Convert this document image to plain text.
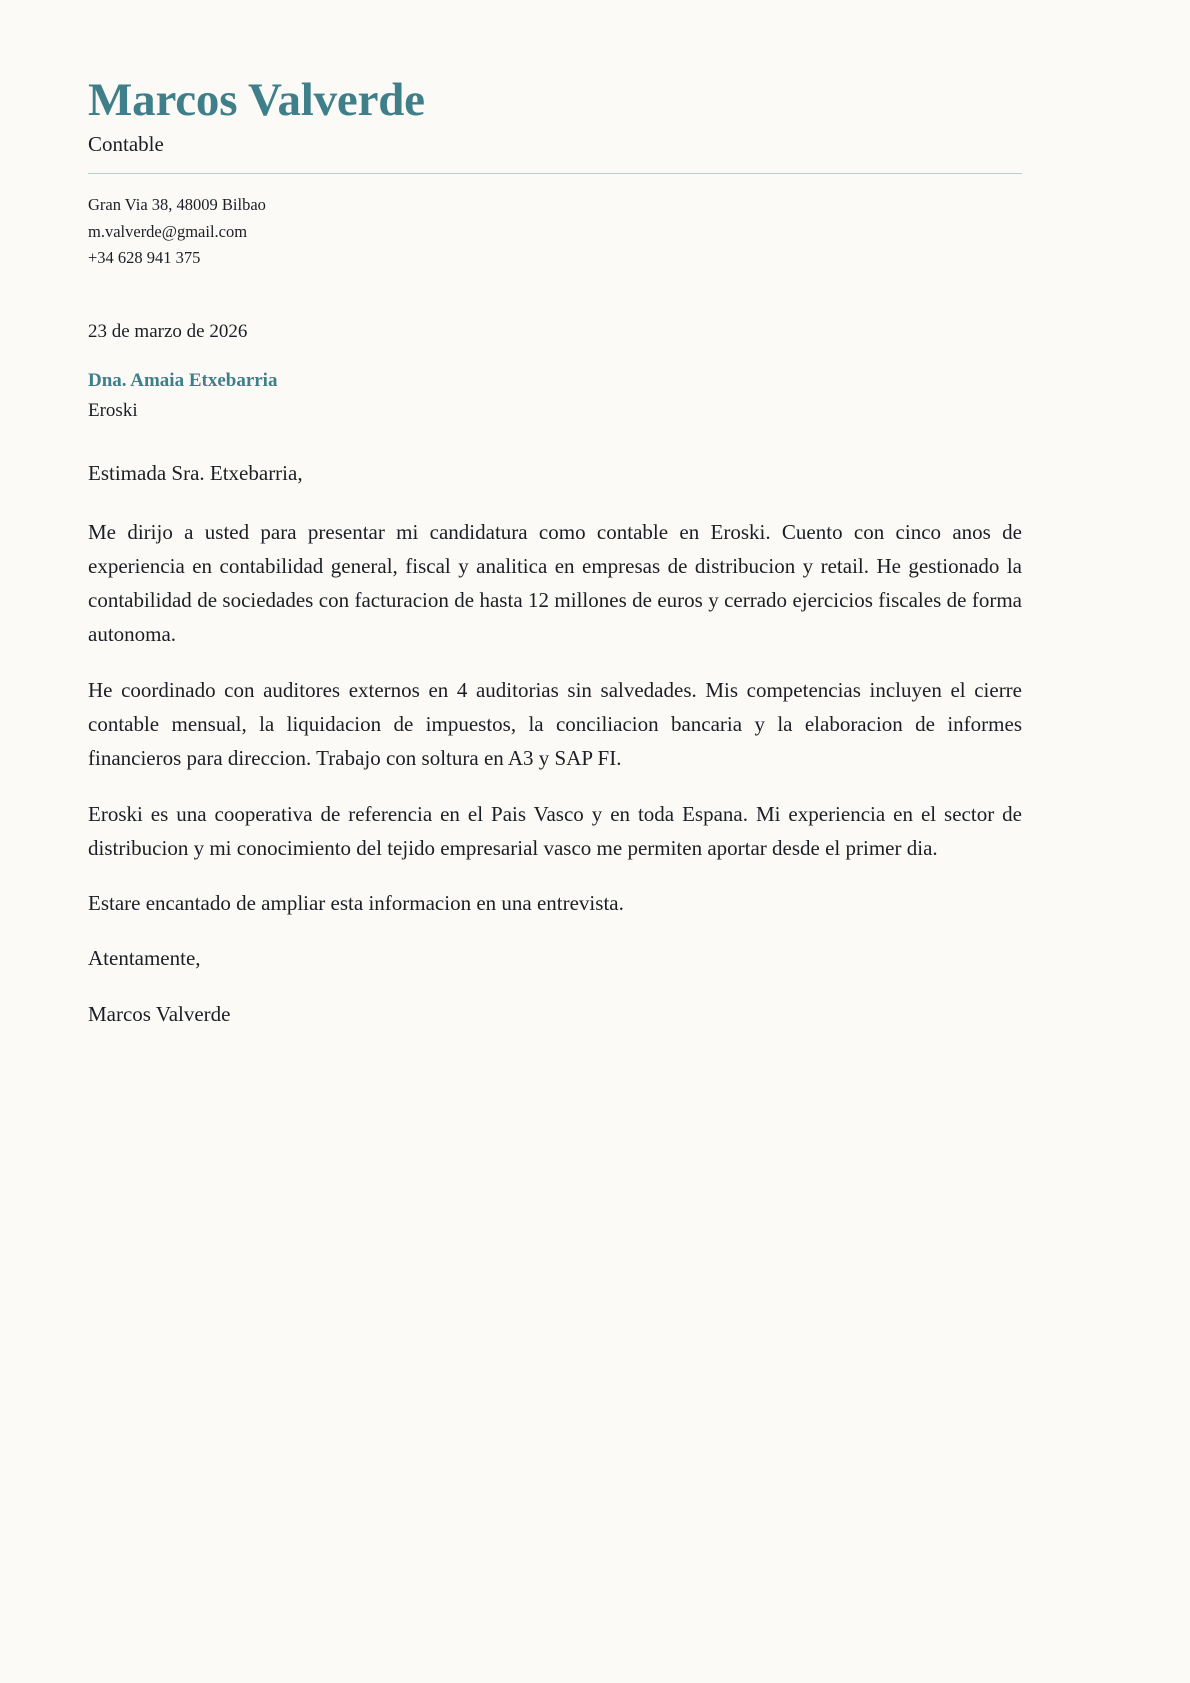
Marcos Valverde
Contable
Gran Via 38, 48009 Bilbao
m.valverde@gmail.com
+34 628 941 375
23 de marzo de 2026
Dna. Amaia Etxebarria
Eroski
Estimada Sra. Etxebarria,

Me dirijo a usted para presentar mi candidatura como contable en Eroski. Cuento con cinco anos de experiencia en contabilidad general, fiscal y analitica en empresas de distribucion y retail. He gestionado la contabilidad de sociedades con facturacion de hasta 12 millones de euros y cerrado ejercicios fiscales de forma autonoma.

He coordinado con auditores externos en 4 auditorias sin salvedades. Mis competencias incluyen el cierre contable mensual, la liquidacion de impuestos, la conciliacion bancaria y la elaboracion de informes financieros para direccion. Trabajo con soltura en A3 y SAP FI.

Eroski es una cooperativa de referencia en el Pais Vasco y en toda Espana. Mi experiencia en el sector de distribucion y mi conocimiento del tejido empresarial vasco me permiten aportar desde el primer dia.

Estare encantado de ampliar esta informacion en una entrevista.

Atentamente,

Marcos Valverde
